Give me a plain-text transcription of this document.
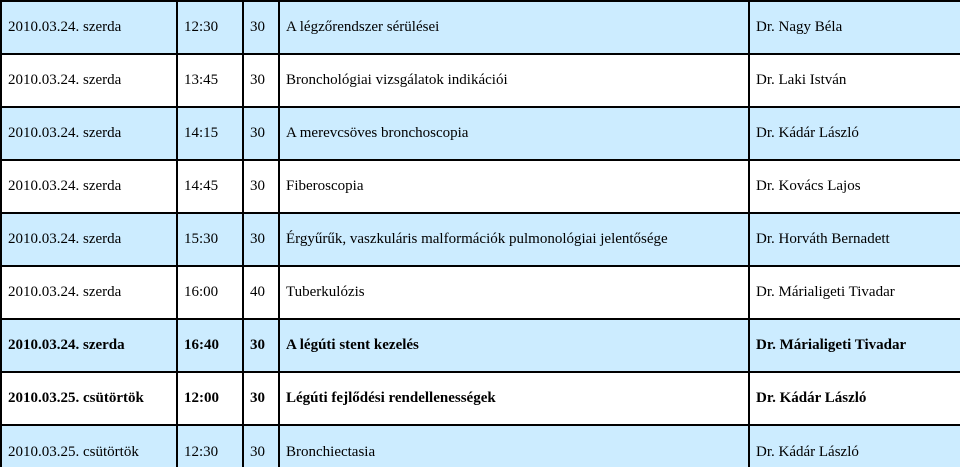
2010.03.24. szerda	12:30	30	A légzőrendszer sérülései	Dr. Nagy Béla
2010.03.24. szerda	13:45	30	Bronchológiai vizsgálatok indikációi	Dr. Laki István
2010.03.24. szerda	14:15	30	A merevcsöves bronchoscopia	Dr. Kádár László
2010.03.24. szerda	14:45	30	Fiberoscopia	Dr. Kovács Lajos
2010.03.24. szerda	15:30	30	Érgyűrűk, vaszkuláris malformációk pulmonológiai jelentősége	Dr. Horváth Bernadett
2010.03.24. szerda	16:00	40	Tuberkulózis	Dr. Márialigeti Tivadar
2010.03.24. szerda	16:40	30	A légúti stent kezelés	Dr. Márialigeti Tivadar
2010.03.25. csütörtök	12:00	30	Légúti fejlődési rendellenességek	Dr. Kádár László
2010.03.25. csütörtök	12:30	30	Bronchiectasia	Dr. Kádár László
